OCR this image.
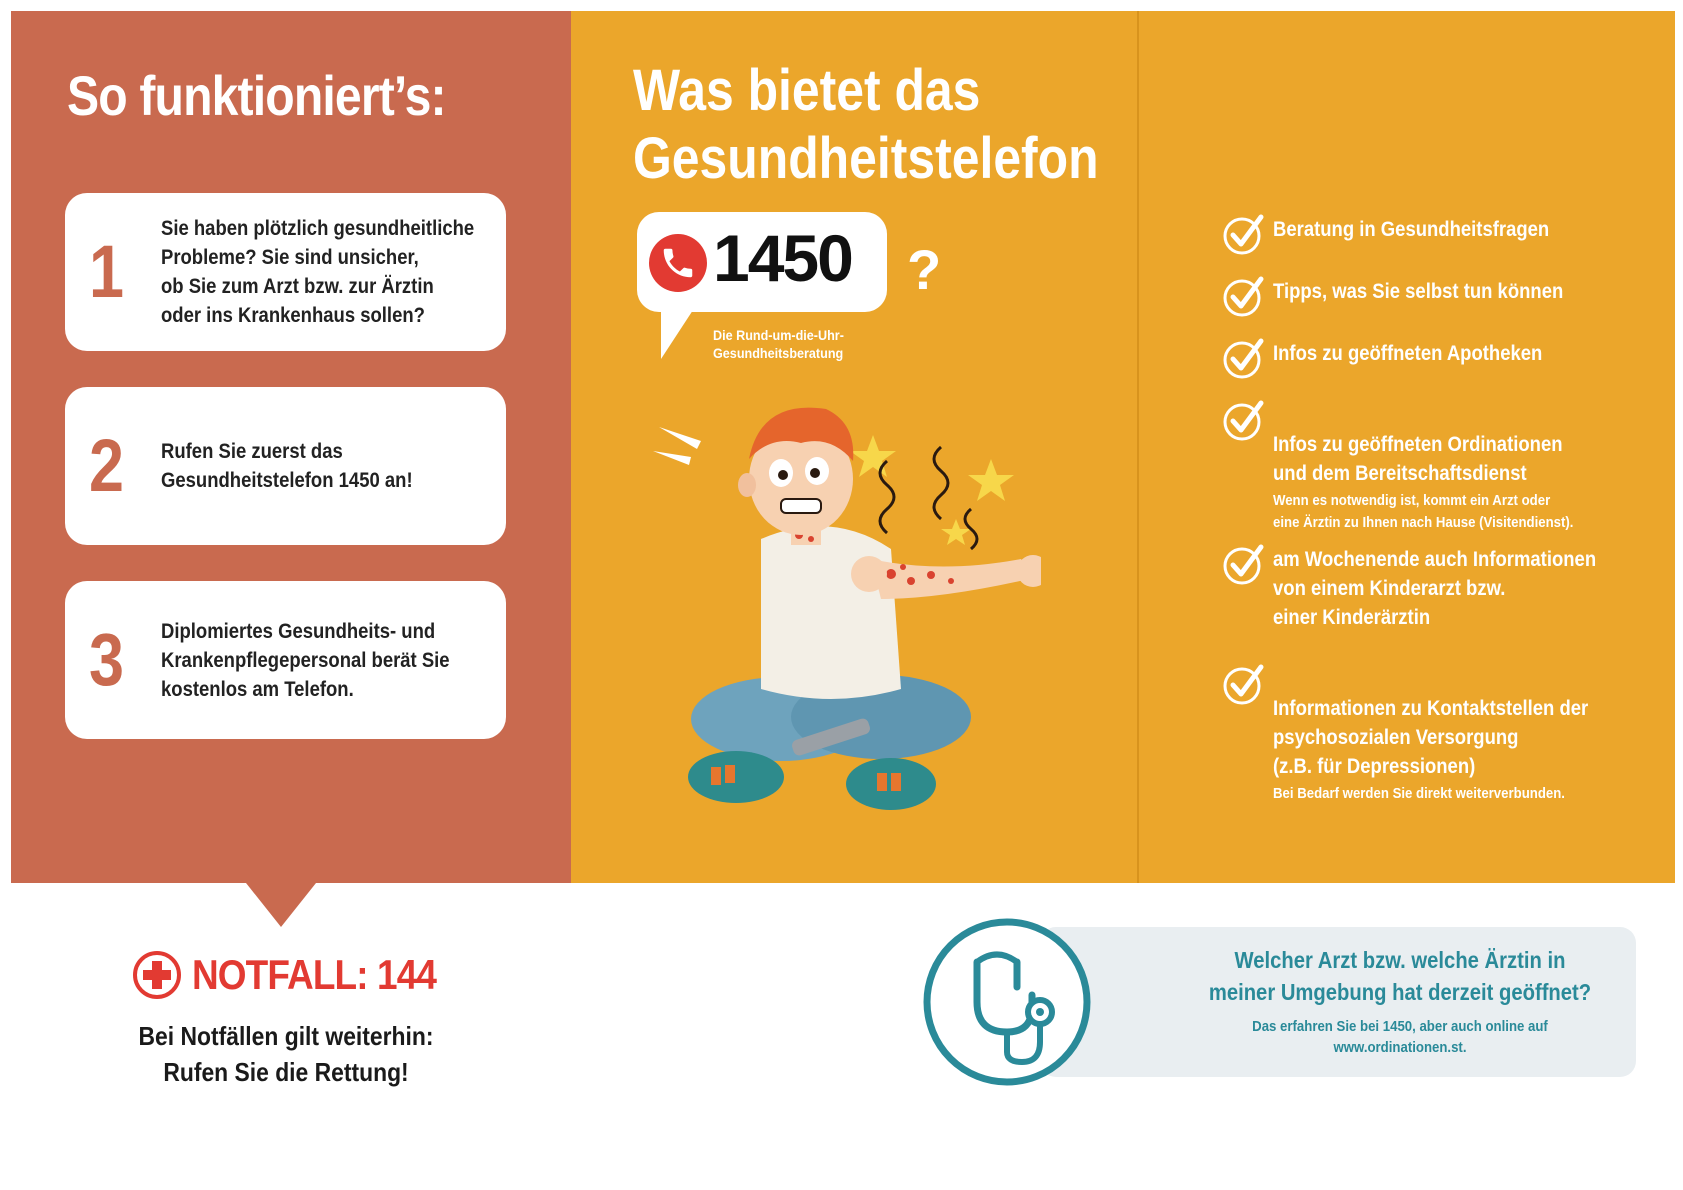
So funktioniert’s:
1
Sie haben plötzlich gesundheitliche
Probleme? Sie sind unsicher,
ob Sie zum Arzt bzw. zur Ärztin
oder ins Krankenhaus sollen?
2 Rufen Sie zuerst das
Gesundheitstelefon 1450 an!
3 Diplomiertes Gesundheits- und
Krankenpflegepersonal berät Sie
kostenlos am Telefon.
Was bietet das
Gesundheitstelefon
1450 ?
Die Rund-um-die-Uhr-
Gesundheitsberatung
Beratung in Gesundheitsfragen
Tipps, was Sie selbst tun können
Infos zu geöffneten Apotheken

Infos zu geöffneten Ordinationen
und dem Bereitschaftsdienst

Wenn es notwendig ist, kommt ein Arzt oder
eine Ärztin zu Ihnen nach Hause (Visitendienst).

am Wochenende auch Informationen
von einem Kinderarzt bzw.
einer Kinderärztin

Informationen zu Kontaktstellen der
psychosozialen Versorgung
(z.B. für Depressionen)

Bei Bedarf werden Sie direkt weiterverbunden.

NOTFALL: 144
Bei Notfällen gilt weiterhin:
Rufen Sie die Rettung!
Welcher Arzt bzw. welche Ärztin in
meiner Umgebung hat derzeit geöffnet?
Das erfahren Sie bei 1450, aber auch online auf
www.ordinationen.st.
